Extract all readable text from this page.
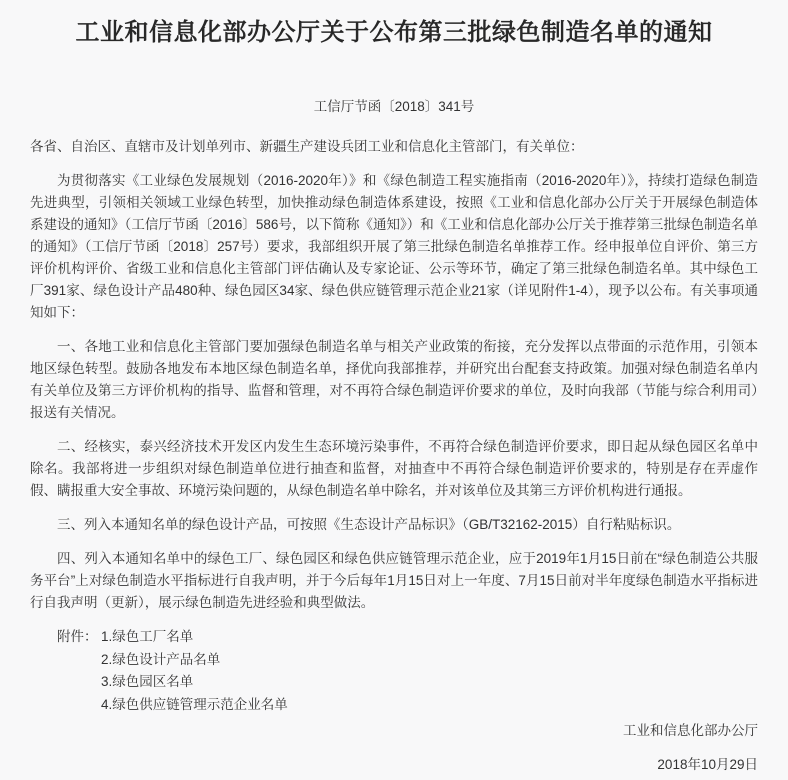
工业和信息化部办公厅关于公布第三批绿色制造名单的通知
工信厅节函〔2018〕341号
各省、自治区、直辖市及计划单列市、新疆生产建设兵团工业和信息化主管部门，有关单位：

为贯彻落实《工业绿色发展规划（2016-2020年）》和《绿色制造工程实施指南（2016-2020年）》，持续打造绿色制造先进典型，引领相关领域工业绿色转型，加快推动绿色制造体系建设，按照《工业和信息化部办公厅关于开展绿色制造体系建设的通知》（工信厅节函〔2016〕586号，以下简称《通知》）和《工业和信息化部办公厅关于推荐第三批绿色制造名单的通知》（工信厅节函〔2018〕257号）要求，我部组织开展了第三批绿色制造名单推荐工作。经申报单位自评价、第三方评价机构评价、省级工业和信息化主管部门评估确认及专家论证、公示等环节，确定了第三批绿色制造名单。其中绿色工厂391家、绿色设计产品480种、绿色园区34家、绿色供应链管理示范企业21家（详见附件1-4），现予以公布。有关事项通知如下：

一、各地工业和信息化主管部门要加强绿色制造名单与相关产业政策的衔接，充分发挥以点带面的示范作用，引领本地区绿色转型。鼓励各地发布本地区绿色制造名单，择优向我部推荐，并研究出台配套支持政策。加强对绿色制造名单内有关单位及第三方评价机构的指导、监督和管理，对不再符合绿色制造评价要求的单位，及时向我部（节能与综合利用司）报送有关情况。

二、经核实，泰兴经济技术开发区内发生生态环境污染事件，不再符合绿色制造评价要求，即日起从绿色园区名单中除名。我部将进一步组织对绿色制造单位进行抽查和监督，对抽查中不再符合绿色制造评价要求的，特别是存在弄虚作假、瞒报重大安全事故、环境污染问题的，从绿色制造名单中除名，并对该单位及其第三方评价机构进行通报。

三、列入本通知名单的绿色设计产品，可按照《生态设计产品标识》（GB/T32162-2015）自行粘贴标识。

四、列入本通知名单中的绿色工厂、绿色园区和绿色供应链管理示范企业，应于2019年1月15日前在“绿色制造公共服务平台”上对绿色制造水平指标进行自我声明，并于今后每年1月15日对上一年度、7月15日前对半年度绿色制造水平指标进行自我声明（更新），展示绿色制造先进经验和典型做法。

附件： 1.绿色工厂名单
2.绿色设计产品名单
3.绿色园区名单
4.绿色供应链管理示范企业名单
工业和信息化部办公厅
2018年10月29日
